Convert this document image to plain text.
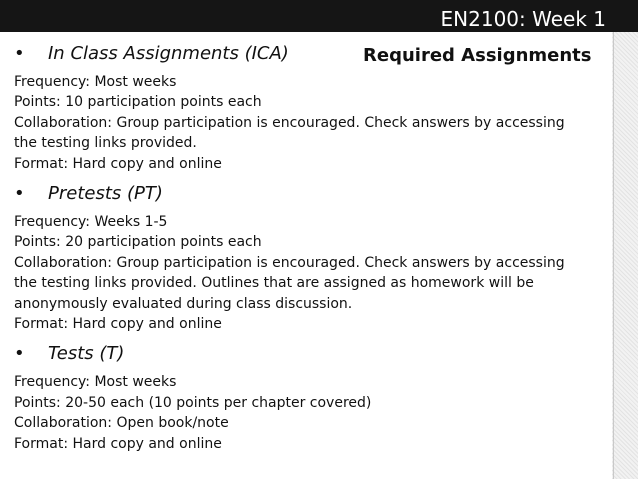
EN2100: Week 1
Required Assignments
•	In Class Assignments (ICA)
Frequency: Most weeks
Points: 10 participation points each
Collaboration: Group participation is encouraged. Check answers by accessing
the testing links provided.
Format: Hard copy and online
•	Pretests (PT)
Frequency: Weeks 1-5
Points: 20 participation points each
Collaboration: Group participation is encouraged. Check answers by accessing
the testing links provided. Outlines that are assigned as homework will be
anonymously evaluated during class discussion.
Format: Hard copy and online
•	Tests (T)
Frequency: Most weeks
Points: 20-50 each (10 points per chapter covered)
Collaboration: Open book/note
Format: Hard copy and online
